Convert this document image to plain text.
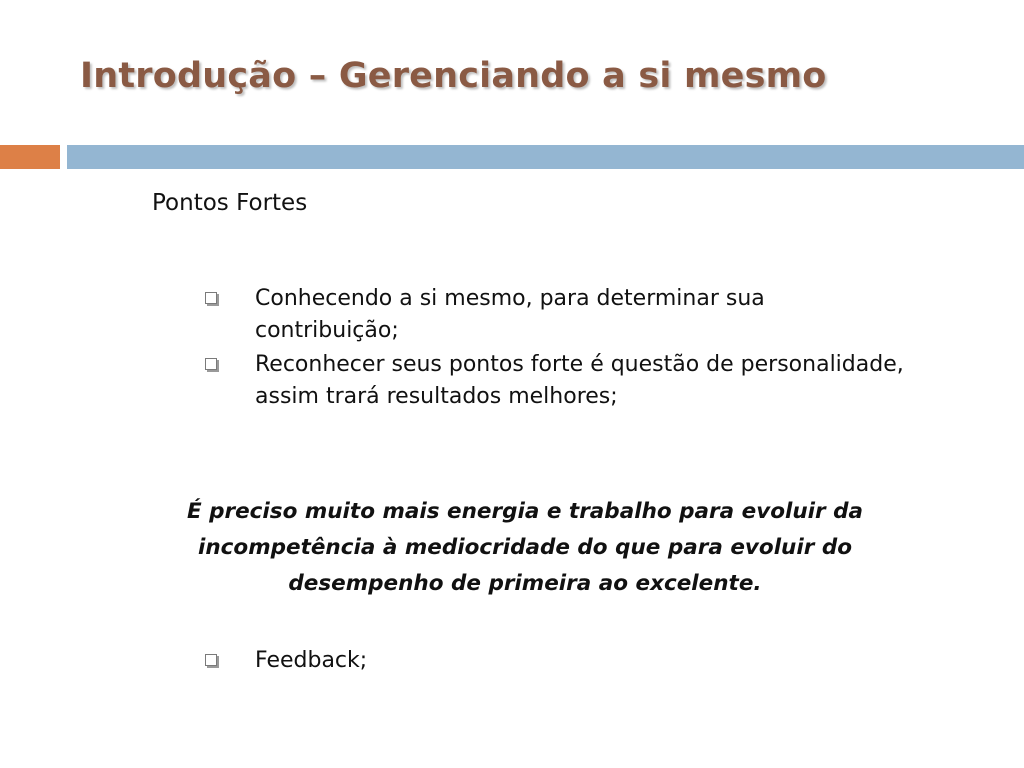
Introdução – Gerenciando a si mesmo
Pontos Fortes
Conhecendo a si mesmo, para determinar sua contribuição;
Reconhecer seus pontos forte é questão de personalidade, assim trará resultados melhores;

É preciso muito mais energia e trabalho para evoluir da incompetência à mediocridade do que para evoluir do desempenho de primeira ao excelente.

Feedback;
